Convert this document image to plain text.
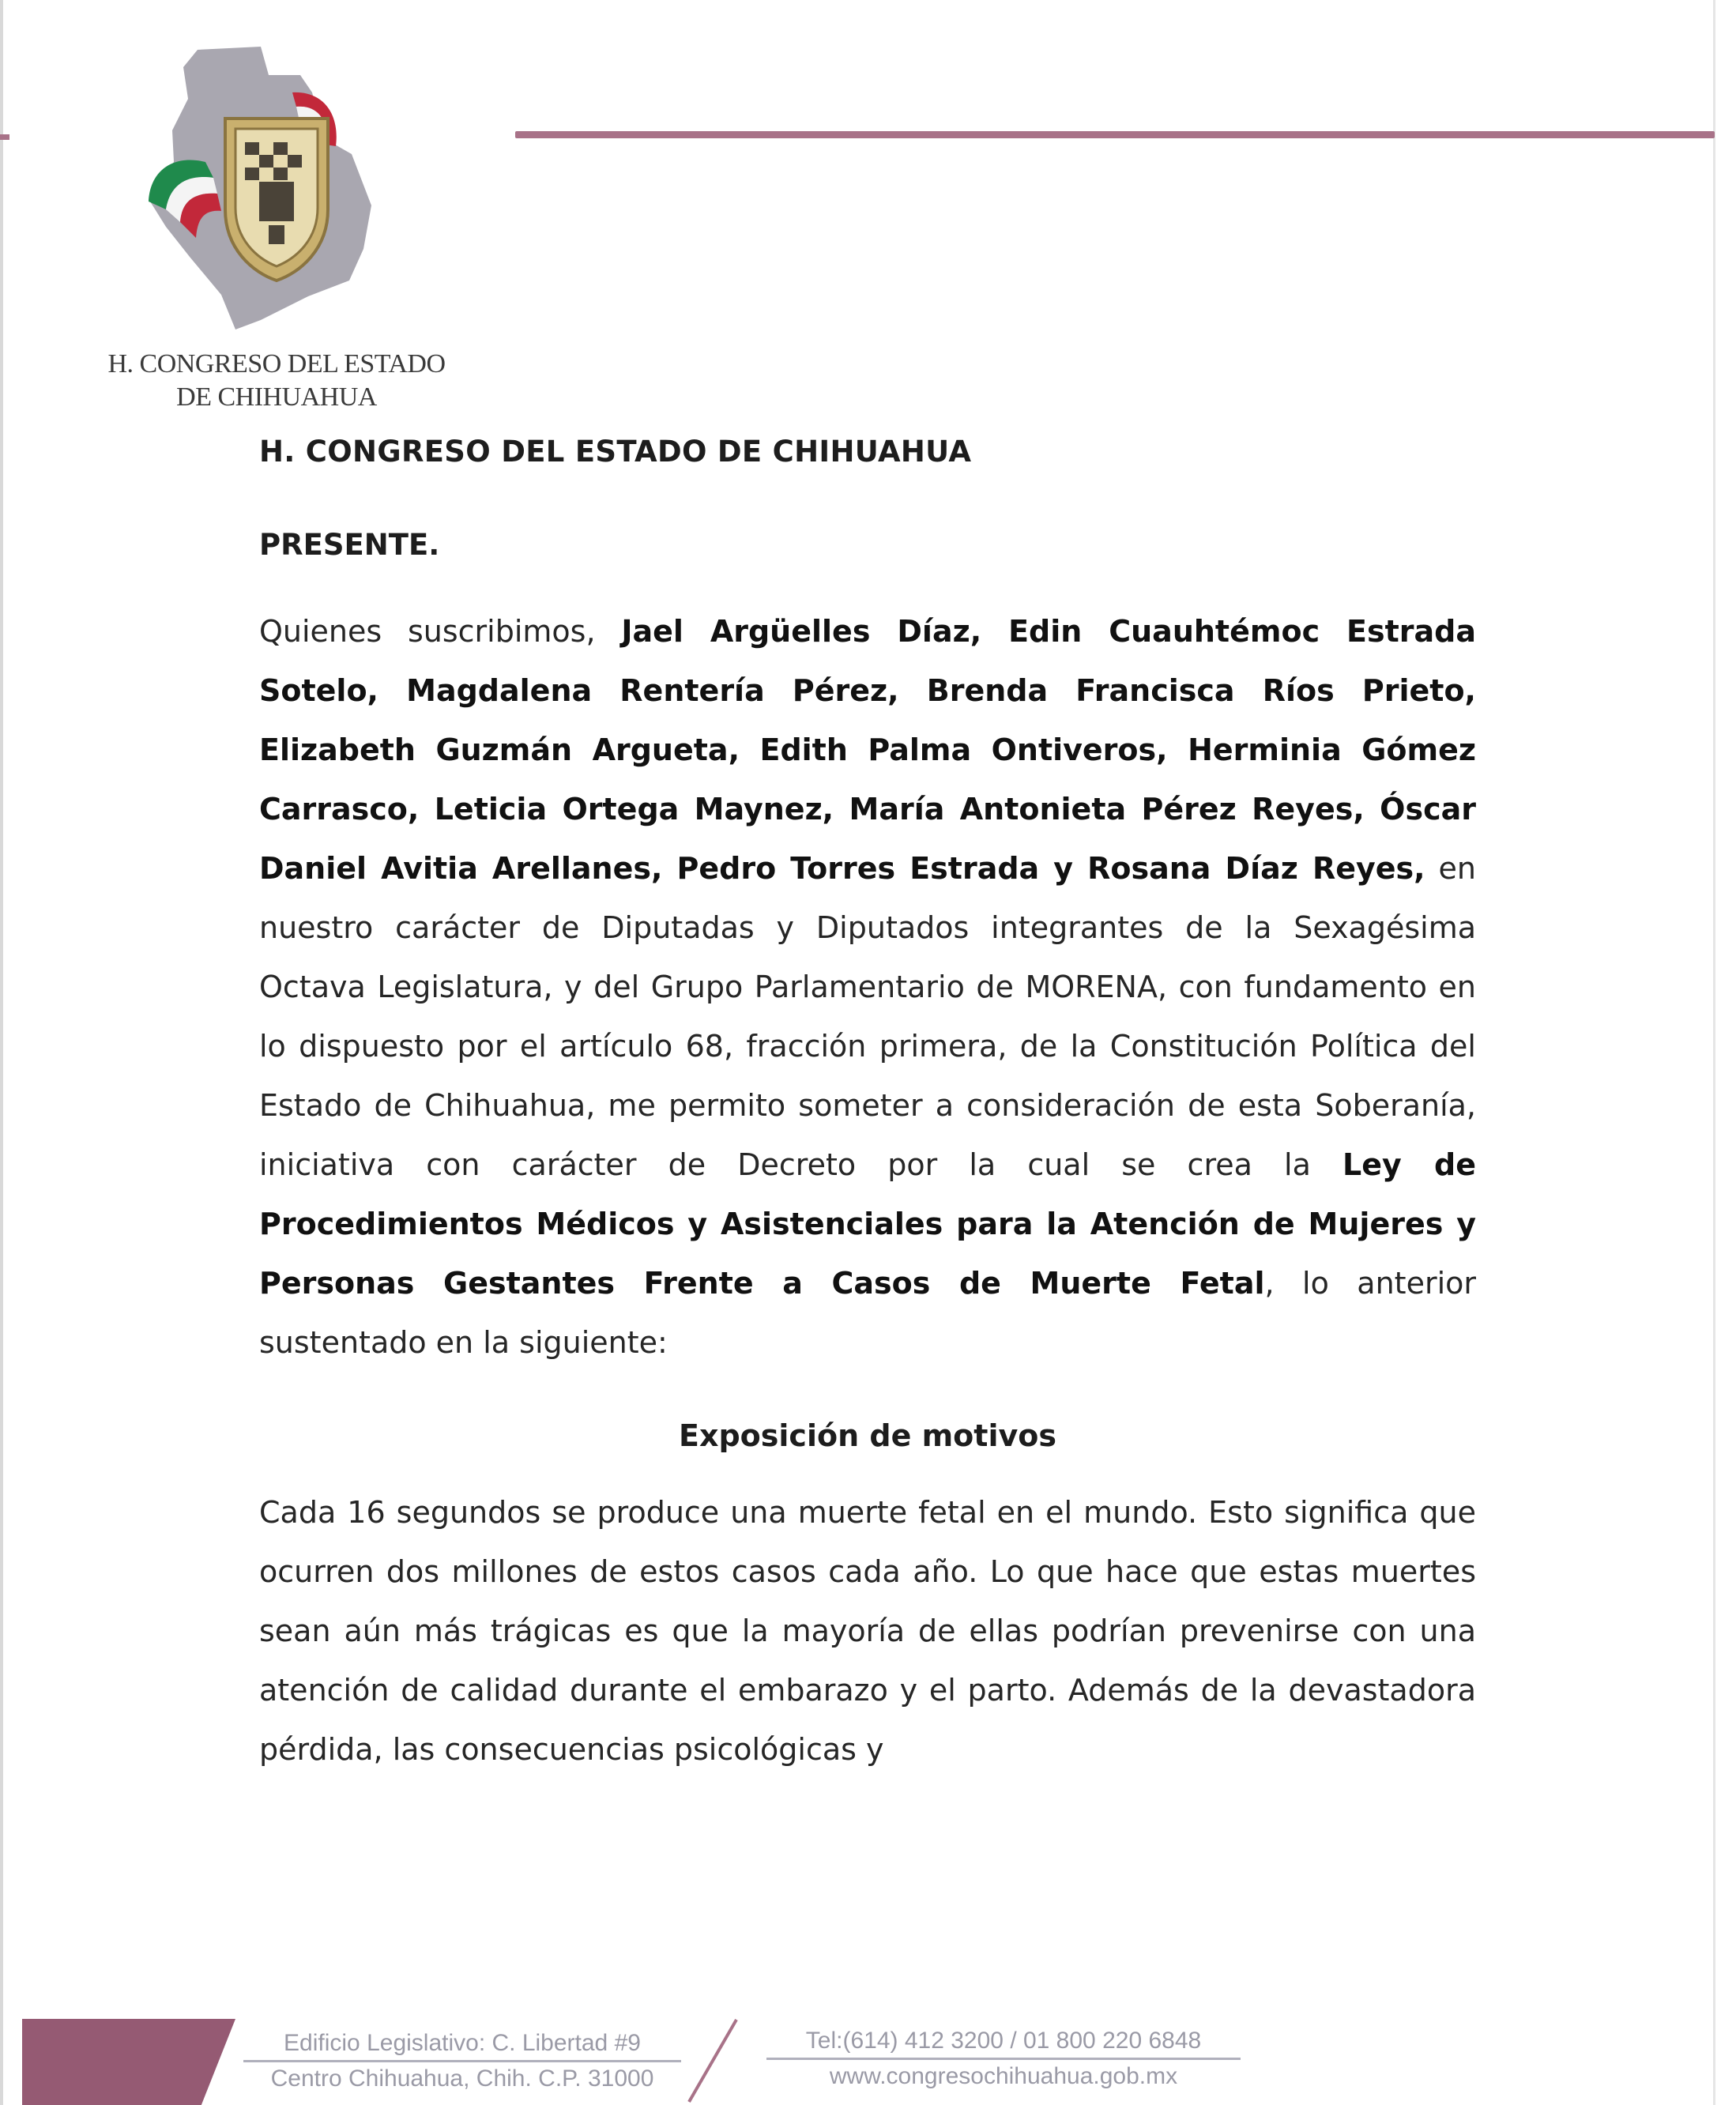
H. CONGRESO DEL ESTADO
DE CHIHUAHUA

H. CONGRESO DEL ESTADO DE CHIHUAHUA

PRESENTE.

Quienes suscribimos, Jael Argüelles Díaz, Edin Cuauhtémoc Estrada Sotelo, Magdalena Rentería Pérez, Brenda Francisca Ríos Prieto, Elizabeth Guzmán Argueta, Edith Palma Ontiveros, Herminia Gómez Carrasco, Leticia Ortega Maynez, María Antonieta Pérez Reyes, Óscar Daniel Avitia Arellanes, Pedro Torres Estrada y Rosana Díaz Reyes, en nuestro carácter de Diputadas y Diputados integrantes de la Sexagésima Octava Legislatura, y del Grupo Parlamentario de MORENA, con fundamento en lo dispuesto por el artículo 68, fracción primera, de la Constitución Política del Estado de Chihuahua, me permito someter a consideración de esta Soberanía, iniciativa con carácter de Decreto por la cual se crea la Ley de Procedimientos Médicos y Asistenciales para la Atención de Mujeres y Personas Gestantes Frente a Casos de Muerte Fetal, lo anterior sustentado en la siguiente:

Exposición de motivos

Cada 16 segundos se produce una muerte fetal en el mundo. Esto significa que ocurren dos millones de estos casos cada año. Lo que hace que estas muertes sean aún más trágicas es que la mayoría de ellas podrían prevenirse con una atención de calidad durante el embarazo y el parto. Además de la devastadora pérdida, las consecuencias psicológicas y

Edificio Legislativo: C. Libertad #9
Centro Chihuahua, Chih. C.P. 31000
Tel:(614) 412 3200 / 01 800 220 6848
www.congresochihuahua.gob.mx
